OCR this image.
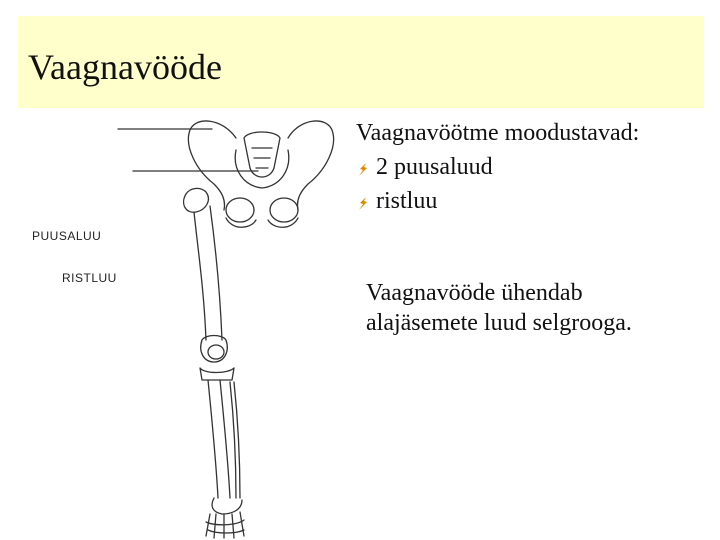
Vaagnavööde
PUUSALUU
RISTLUU
Vaagnavöötme moodustavad:
2 puusaluud
ristluu
Vaagnavööde ühendab
alajäsemete luud selgrooga.
